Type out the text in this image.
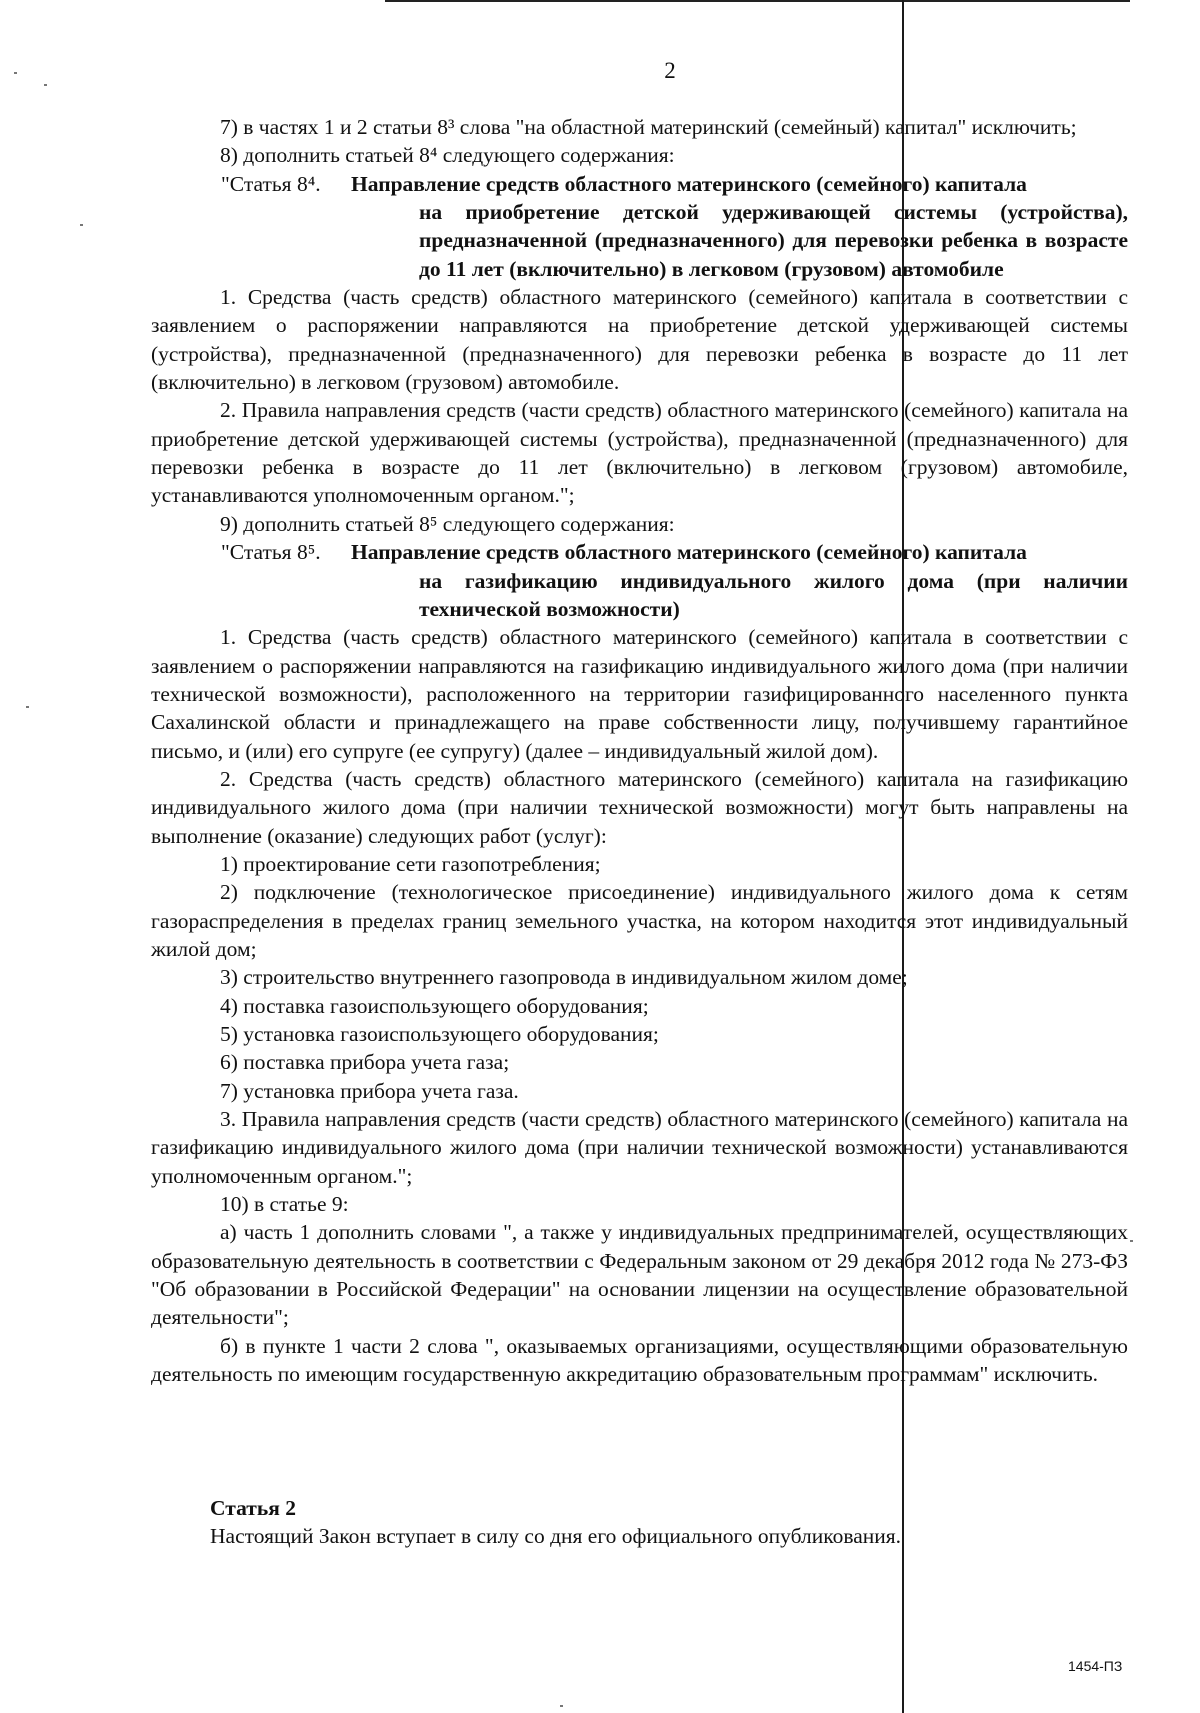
2

7) в частях 1 и 2 статьи 8³ слова "на областной материнский (семейный) капитал" исключить;

8) дополнить статьей 8⁴ следующего содержания:

"Статья 8⁴. Направление средств областного материнского (семейного) капитала
на приобретение детской удерживающей системы (устройства), предназначенной (предназначенного) для перевозки ребенка в возрасте до 11 лет (включительно) в легковом (грузовом) автомобиле

1. Средства (часть средств) областного материнского (семейного) капитала в соответствии с заявлением о распоряжении направляются на приобретение детской удерживающей системы (устройства), предназначенной (предназначенного) для перевозки ребенка в возрасте до 11 лет (включительно) в легковом (грузовом) автомобиле.

2. Правила направления средств (части средств) областного материнского (семейного) капитала на приобретение детской удерживающей системы (устройства), предназначенной (предназначенного) для перевозки ребенка в возрасте до 11 лет (включительно) в легковом (грузовом) автомобиле, устанавливаются уполномоченным органом.";

9) дополнить статьей 8⁵ следующего содержания:

"Статья 8⁵. Направление средств областного материнского (семейного) капитала
на газификацию индивидуального жилого дома (при наличии технической возможности)

1. Средства (часть средств) областного материнского (семейного) капитала в соответствии с заявлением о распоряжении направляются на газификацию индивидуального жилого дома (при наличии технической возможности), расположенного на территории газифицированного населенного пункта Сахалинской области и принадлежащего на праве собственности лицу, получившему гарантийное письмо, и (или) его супруге (ее супругу) (далее – индивидуальный жилой дом).

2. Средства (часть средств) областного материнского (семейного) капитала на газификацию индивидуального жилого дома (при наличии технической возможности) могут быть направлены на выполнение (оказание) следующих работ (услуг):

1) проектирование сети газопотребления;

2) подключение (технологическое присоединение) индивидуального жилого дома к сетям газораспределения в пределах границ земельного участка, на котором находится этот индивидуальный жилой дом;

3) строительство внутреннего газопровода в индивидуальном жилом доме;

4) поставка газоиспользующего оборудования;

5) установка газоиспользующего оборудования;

6) поставка прибора учета газа;

7) установка прибора учета газа.

3. Правила направления средств (части средств) областного материнского (семейного) капитала на газификацию индивидуального жилого дома (при наличии технической возможности) устанавливаются уполномоченным органом.";

10) в статье 9:

а) часть 1 дополнить словами ", а также у индивидуальных предпринимателей, осуществляющих образовательную деятельность в соответствии с Федеральным законом от 29 декабря 2012 года № 273-ФЗ "Об образовании в Российской Федерации" на основании лицензии на осуществление образовательной деятельности";

б) в пункте 1 части 2 слова ", оказываемых организациями, осуществляющими образовательную деятельность по имеющим государственную аккредитацию образовательным программам" исключить.

Статья 2
Настоящий Закон вступает в силу со дня его официального опубликования.
1454-ПЗ
